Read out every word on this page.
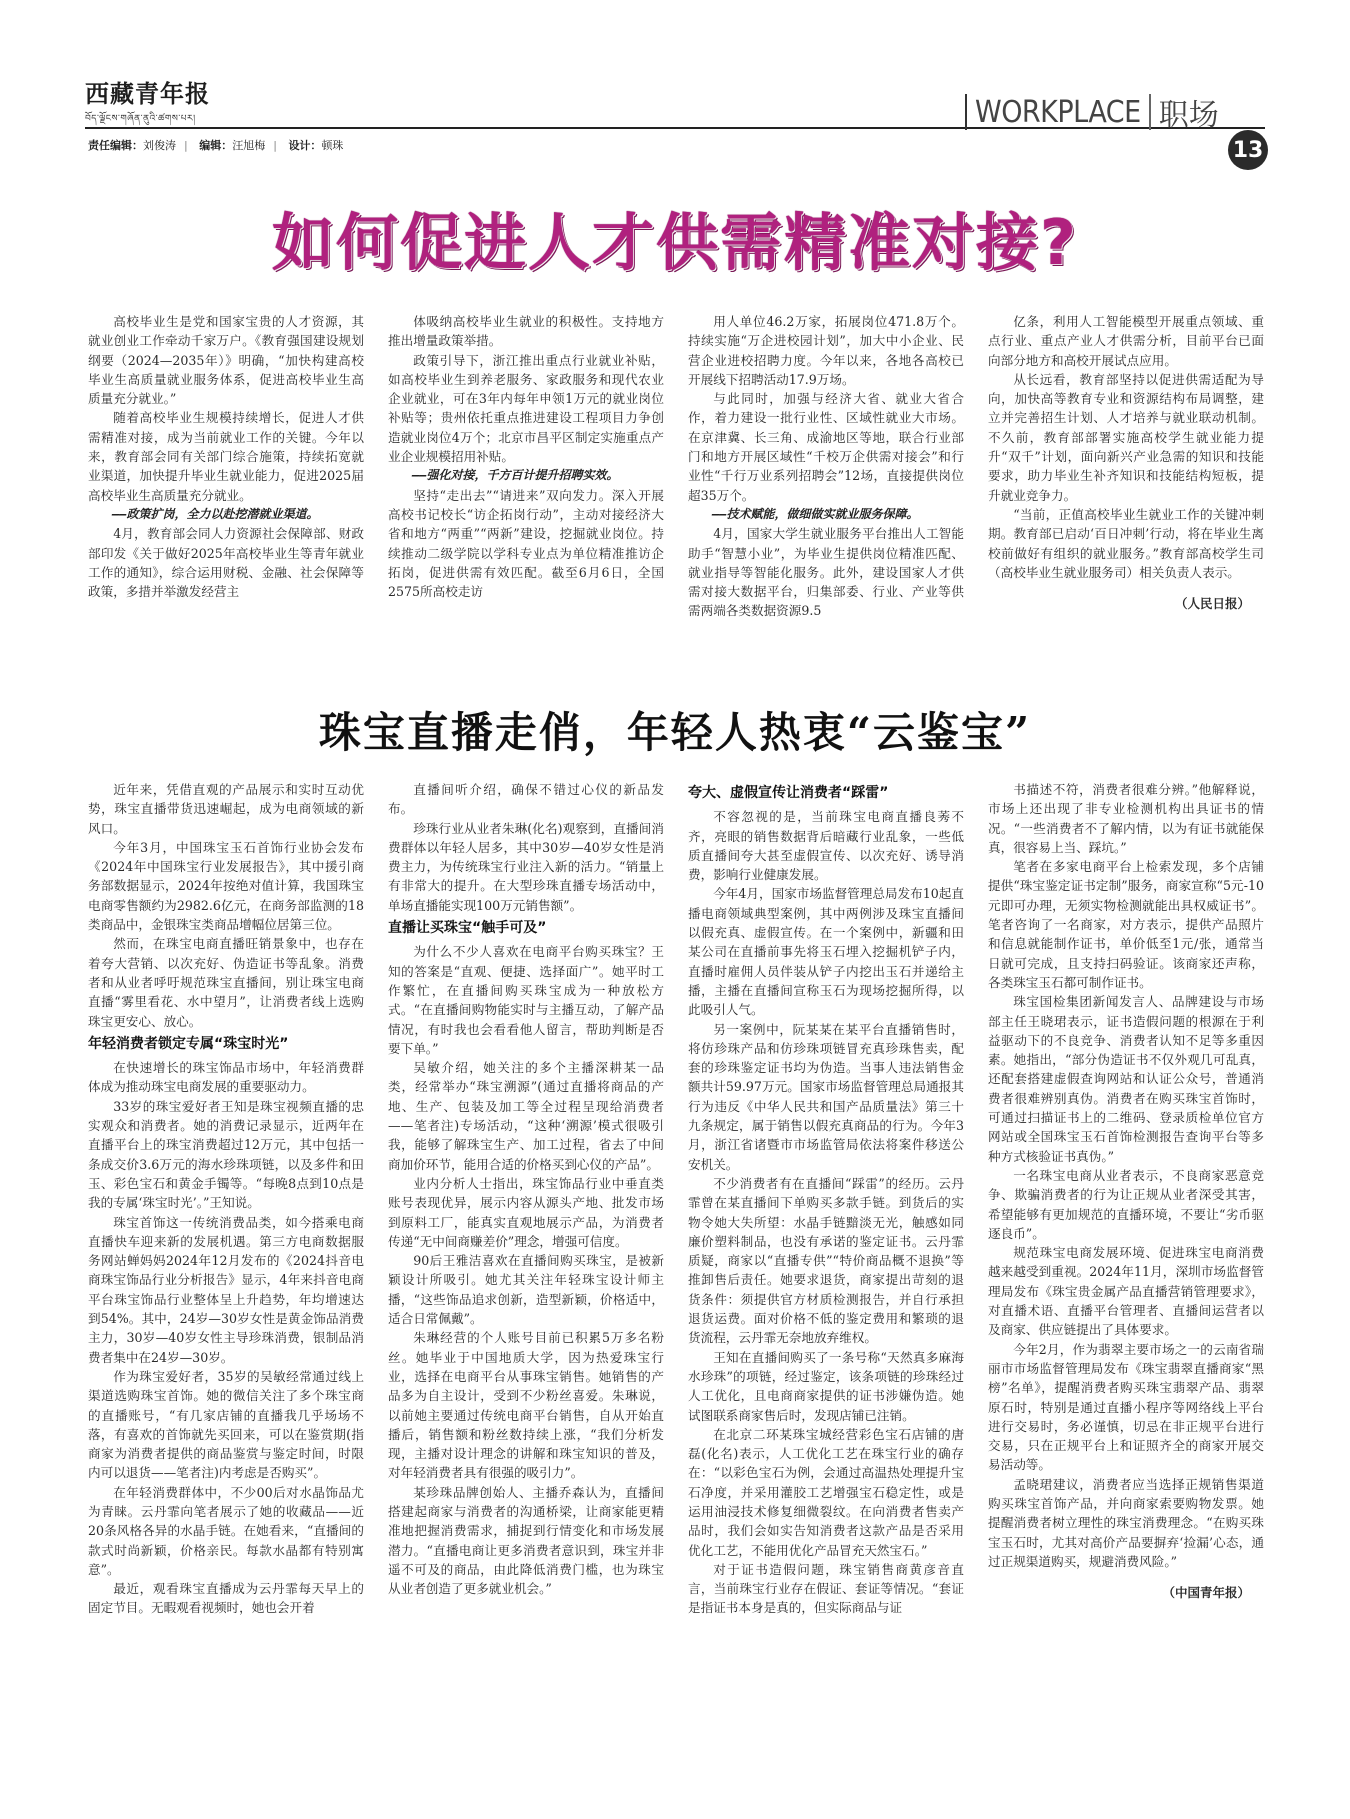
西藏青年报
བོད་ལྗོངས་གཞོན་ནུའི་ཚགས་པར།
责任编辑：刘俊涛 | 编辑：汪旭梅 | 设计：顿珠
WORKPLACE 职场
13
如何促进人才供需精准对接?

高校毕业生是党和国家宝贵的人才资源，其就业创业工作牵动千家万户。《教育强国建设规划纲要（2024—2035年）》明确，“加快构建高校毕业生高质量就业服务体系，促进高校毕业生高质量充分就业。”

随着高校毕业生规模持续增长，促进人才供需精准对接，成为当前就业工作的关键。今年以来，教育部会同有关部门综合施策，持续拓宽就业渠道，加快提升毕业生就业能力，促进2025届高校毕业生高质量充分就业。

——政策扩岗，全力以赴挖潜就业渠道。

4月，教育部会同人力资源社会保障部、财政部印发《关于做好2025年高校毕业生等青年就业工作的通知》，综合运用财税、金融、社会保障等政策，多措并举激发经营主

体吸纳高校毕业生就业的积极性。支持地方推出增量政策举措。

政策引导下，浙江推出重点行业就业补贴，如高校毕业生到养老服务、家政服务和现代农业企业就业，可在3年内每年申领1万元的就业岗位补贴等；贵州依托重点推进建设工程项目力争创造就业岗位4万个；北京市昌平区制定实施重点产业企业规模招用补贴。

——强化对接，千方百计提升招聘实效。

坚持“走出去”“请进来”双向发力。深入开展高校书记校长“访企拓岗行动”，主动对接经济大省和地方“两重”“两新”建设，挖掘就业岗位。持续推动二级学院以学科专业点为单位精准推访企拓岗，促进供需有效匹配。截至6月6日，全国2575所高校走访

用人单位46.2万家，拓展岗位471.8万个。持续实施“万企进校园计划”，加大中小企业、民营企业进校招聘力度。今年以来，各地各高校已开展线下招聘活动17.9万场。

与此同时，加强与经济大省、就业大省合作，着力建设一批行业性、区域性就业大市场。在京津冀、长三角、成渝地区等地，联合行业部门和地方开展区域性“千校万企供需对接会”和行业性“千行万业系列招聘会”12场，直接提供岗位超35万个。

——技术赋能，做细做实就业服务保障。

4月，国家大学生就业服务平台推出人工智能助手“智慧小业”，为毕业生提供岗位精准匹配、就业指导等智能化服务。此外，建设国家人才供需对接大数据平台，归集部委、行业、产业等供需两端各类数据资源9.5

亿条，利用人工智能模型开展重点领域、重点行业、重点产业人才供需分析，目前平台已面向部分地方和高校开展试点应用。

从长远看，教育部坚持以促进供需适配为导向，加快高等教育专业和资源结构布局调整，建立并完善招生计划、人才培养与就业联动机制。不久前，教育部部署实施高校学生就业能力提升“双千”计划，面向新兴产业急需的知识和技能要求，助力毕业生补齐知识和技能结构短板，提升就业竞争力。

“当前，正值高校毕业生就业工作的关键冲刺期。教育部已启动‘百日冲刺’行动，将在毕业生离校前做好有组织的就业服务。”教育部高校学生司（高校毕业生就业服务司）相关负责人表示。

（人民日报）
珠宝直播走俏，年轻人热衷“云鉴宝”

近年来，凭借直观的产品展示和实时互动优势，珠宝直播带货迅速崛起，成为电商领域的新风口。

今年3月，中国珠宝玉石首饰行业协会发布《2024年中国珠宝行业发展报告》，其中援引商务部数据显示，2024年按绝对值计算，我国珠宝电商零售额约为2982.6亿元，在商务部监测的18类商品中，金银珠宝类商品增幅位居第三位。

然而，在珠宝电商直播旺销景象中，也存在着夸大营销、以次充好、伪造证书等乱象。消费者和从业者呼吁规范珠宝直播间，别让珠宝电商直播“雾里看花、水中望月”，让消费者线上选购珠宝更安心、放心。

年轻消费者锁定专属“珠宝时光”

在快速增长的珠宝饰品市场中，年轻消费群体成为推动珠宝电商发展的重要驱动力。

33岁的珠宝爱好者王知是珠宝视频直播的忠实观众和消费者。她的消费记录显示，近两年在直播平台上的珠宝消费超过12万元，其中包括一条成交价3.6万元的海水珍珠项链，以及多件和田玉、彩色宝石和黄金手镯等。“每晚8点到10点是我的专属‘珠宝时光’。”王知说。

珠宝首饰这一传统消费品类，如今搭乘电商直播快车迎来新的发展机遇。第三方电商数据服务网站蝉妈妈2024年12月发布的《2024抖音电商珠宝饰品行业分析报告》显示，4年来抖音电商平台珠宝饰品行业整体呈上升趋势，年均增速达到54%。其中，24岁—30岁女性是黄金饰品消费主力，30岁—40岁女性主导珍珠消费，银制品消费者集中在24岁—30岁。

作为珠宝爱好者，35岁的吴敏经常通过线上渠道选购珠宝首饰。她的微信关注了多个珠宝商的直播账号，“有几家店铺的直播我几乎场场不落，有喜欢的首饰就先买回来，可以在鉴赏期(指商家为消费者提供的商品鉴赏与鉴定时间，时限内可以退货——笔者注)内考虑是否购买”。

在年轻消费群体中，不少00后对水晶饰品尤为青睐。云丹霏向笔者展示了她的收藏品——近20条风格各异的水晶手链。在她看来，“直播间的款式时尚新颖，价格亲民。每款水晶都有特别寓意”。

最近，观看珠宝直播成为云丹霏每天早上的固定节目。无暇观看视频时，她也会开着

直播间听介绍，确保不错过心仪的新品发布。

珍珠行业从业者朱琳(化名)观察到，直播间消费群体以年轻人居多，其中30岁—40岁女性是消费主力，为传统珠宝行业注入新的活力。“销量上有非常大的提升。在大型珍珠直播专场活动中，单场直播能实现100万元销售额”。

直播让买珠宝“触手可及”

为什么不少人喜欢在电商平台购买珠宝？王知的答案是“直观、便捷、选择面广”。她平时工作繁忙，在直播间购买珠宝成为一种放松方式。“在直播间购物能实时与主播互动，了解产品情况，有时我也会看看他人留言，帮助判断是否要下单。”

吴敏介绍，她关注的多个主播深耕某一品类，经常举办“珠宝溯源”(通过直播将商品的产地、生产、包装及加工等全过程呈现给消费者——笔者注)专场活动，“这种‘溯源’模式很吸引我，能够了解珠宝生产、加工过程，省去了中间商加价环节，能用合适的价格买到心仪的产品”。

业内分析人士指出，珠宝饰品行业中垂直类账号表现优异，展示内容从源头产地、批发市场到原料工厂，能真实直观地展示产品，为消费者传递“无中间商赚差价”理念，增强可信度。

90后王雅洁喜欢在直播间购买珠宝，是被新颖设计所吸引。她尤其关注年轻珠宝设计师主播，“这些饰品追求创新，造型新颖，价格适中，适合日常佩戴”。

朱琳经营的个人账号目前已积累5万多名粉丝。她毕业于中国地质大学，因为热爱珠宝行业，选择在电商平台从事珠宝销售。她销售的产品多为自主设计，受到不少粉丝喜爱。朱琳说，以前她主要通过传统电商平台销售，自从开始直播后，销售额和粉丝数持续上涨，“我们分析发现，主播对设计理念的讲解和珠宝知识的普及，对年轻消费者具有很强的吸引力”。

某珍珠品牌创始人、主播乔森认为，直播间搭建起商家与消费者的沟通桥梁，让商家能更精准地把握消费需求，捕捉到行情变化和市场发展潜力。“直播电商让更多消费者意识到，珠宝并非遥不可及的商品，由此降低消费门槛，也为珠宝从业者创造了更多就业机会。”

夸大、虚假宣传让消费者“踩雷”

不容忽视的是，当前珠宝电商直播良莠不齐，亮眼的销售数据背后暗藏行业乱象，一些低质直播间夸大甚至虚假宣传、以次充好、诱导消费，影响行业健康发展。

今年4月，国家市场监督管理总局发布10起直播电商领域典型案例，其中两例涉及珠宝直播间以假充真、虚假宣传。在一个案例中，新疆和田某公司在直播前事先将玉石埋入挖掘机铲子内，直播时雇佣人员伴装从铲子内挖出玉石并递给主播，主播在直播间宣称玉石为现场挖掘所得，以此吸引人气。

另一案例中，阮某某在某平台直播销售时，将仿珍珠产品和仿珍珠项链冒充真珍珠售卖，配套的珍珠鉴定证书均为伪造。当事人违法销售金额共计59.97万元。国家市场监督管理总局通报其行为违反《中华人民共和国产品质量法》第三十九条规定，属于销售以假充真商品的行为。今年3月，浙江省诸暨市市场监管局依法将案件移送公安机关。

不少消费者有在直播间“踩雷”的经历。云丹霏曾在某直播间下单购买多款手链。到货后的实物令她大失所望：水晶手链黯淡无光，触感如同廉价塑料制品，也没有承诺的鉴定证书。云丹霏质疑，商家以“直播专供”“特价商品概不退换”等推卸售后责任。她要求退货，商家提出苛刻的退货条件：须提供官方材质检测报告，并自行承担退货运费。面对价格不低的鉴定费用和繁琐的退货流程，云丹霏无奈地放弃维权。

王知在直播间购买了一条号称“天然真多麻海水珍珠”的项链，经过鉴定，该条项链的珍珠经过人工优化，且电商商家提供的证书涉嫌伪造。她试图联系商家售后时，发现店铺已注销。

在北京二环某珠宝城经营彩色宝石店铺的唐磊(化名)表示，人工优化工艺在珠宝行业的确存在：“以彩色宝石为例，会通过高温热处理提升宝石净度，并采用灌胶工艺增强宝石稳定性，或是运用油浸技术修复细微裂纹。在向消费者售卖产品时，我们会如实告知消费者这款产品是否采用优化工艺，不能用优化产品冒充天然宝石。”

对于证书造假问题，珠宝销售商黄彦音直言，当前珠宝行业存在假证、套证等情况。“套证是指证书本身是真的，但实际商品与证

书描述不符，消费者很难分辨。”他解释说，市场上还出现了非专业检测机构出具证书的情况。“一些消费者不了解内情，以为有证书就能保真，很容易上当、踩坑。”

笔者在多家电商平台上检索发现，多个店铺提供“珠宝鉴定证书定制”服务，商家宣称“5元-10元即可办理，无须实物检测就能出具权威证书”。笔者咨询了一名商家，对方表示，提供产品照片和信息就能制作证书，单价低至1元/张，通常当日就可完成，且支持扫码验证。该商家还声称，各类珠宝玉石都可制作证书。

珠宝国检集团新闻发言人、品牌建设与市场部主任王晓珺表示，证书造假问题的根源在于利益驱动下的不良竞争、消费者认知不足等多重因素。她指出，“部分伪造证书不仅外观几可乱真，还配套搭建虚假查询网站和认证公众号，普通消费者很难辨别真伪。消费者在购买珠宝首饰时，可通过扫描证书上的二维码、登录质检单位官方网站或全国珠宝玉石首饰检测报告查询平台等多种方式核验证书真伪。”

一名珠宝电商从业者表示，不良商家恶意竞争、欺骗消费者的行为让正规从业者深受其害，希望能够有更加规范的直播环境，不要让“劣币驱逐良币”。

规范珠宝电商发展环境、促进珠宝电商消费越来越受到重视。2024年11月，深圳市场监督管理局发布《珠宝贵金属产品直播营销管理要求》，对直播术语、直播平台管理者、直播间运营者以及商家、供应链提出了具体要求。

今年2月，作为翡翠主要市场之一的云南省瑞丽市市场监督管理局发布《珠宝翡翠直播商家“黑榜”名单》，提醒消费者购买珠宝翡翠产品、翡翠原石时，特别是通过直播小程序等网络线上平台进行交易时，务必谨慎，切忌在非正规平台进行交易，只在正规平台上和证照齐全的商家开展交易活动等。

孟晓珺建议，消费者应当选择正规销售渠道购买珠宝首饰产品，并向商家索要购物发票。她提醒消费者树立理性的珠宝消费理念。“在购买珠宝玉石时，尤其对高价产品要摒弃‘捡漏’心态，通过正规渠道购买，规避消费风险。”

（中国青年报）
